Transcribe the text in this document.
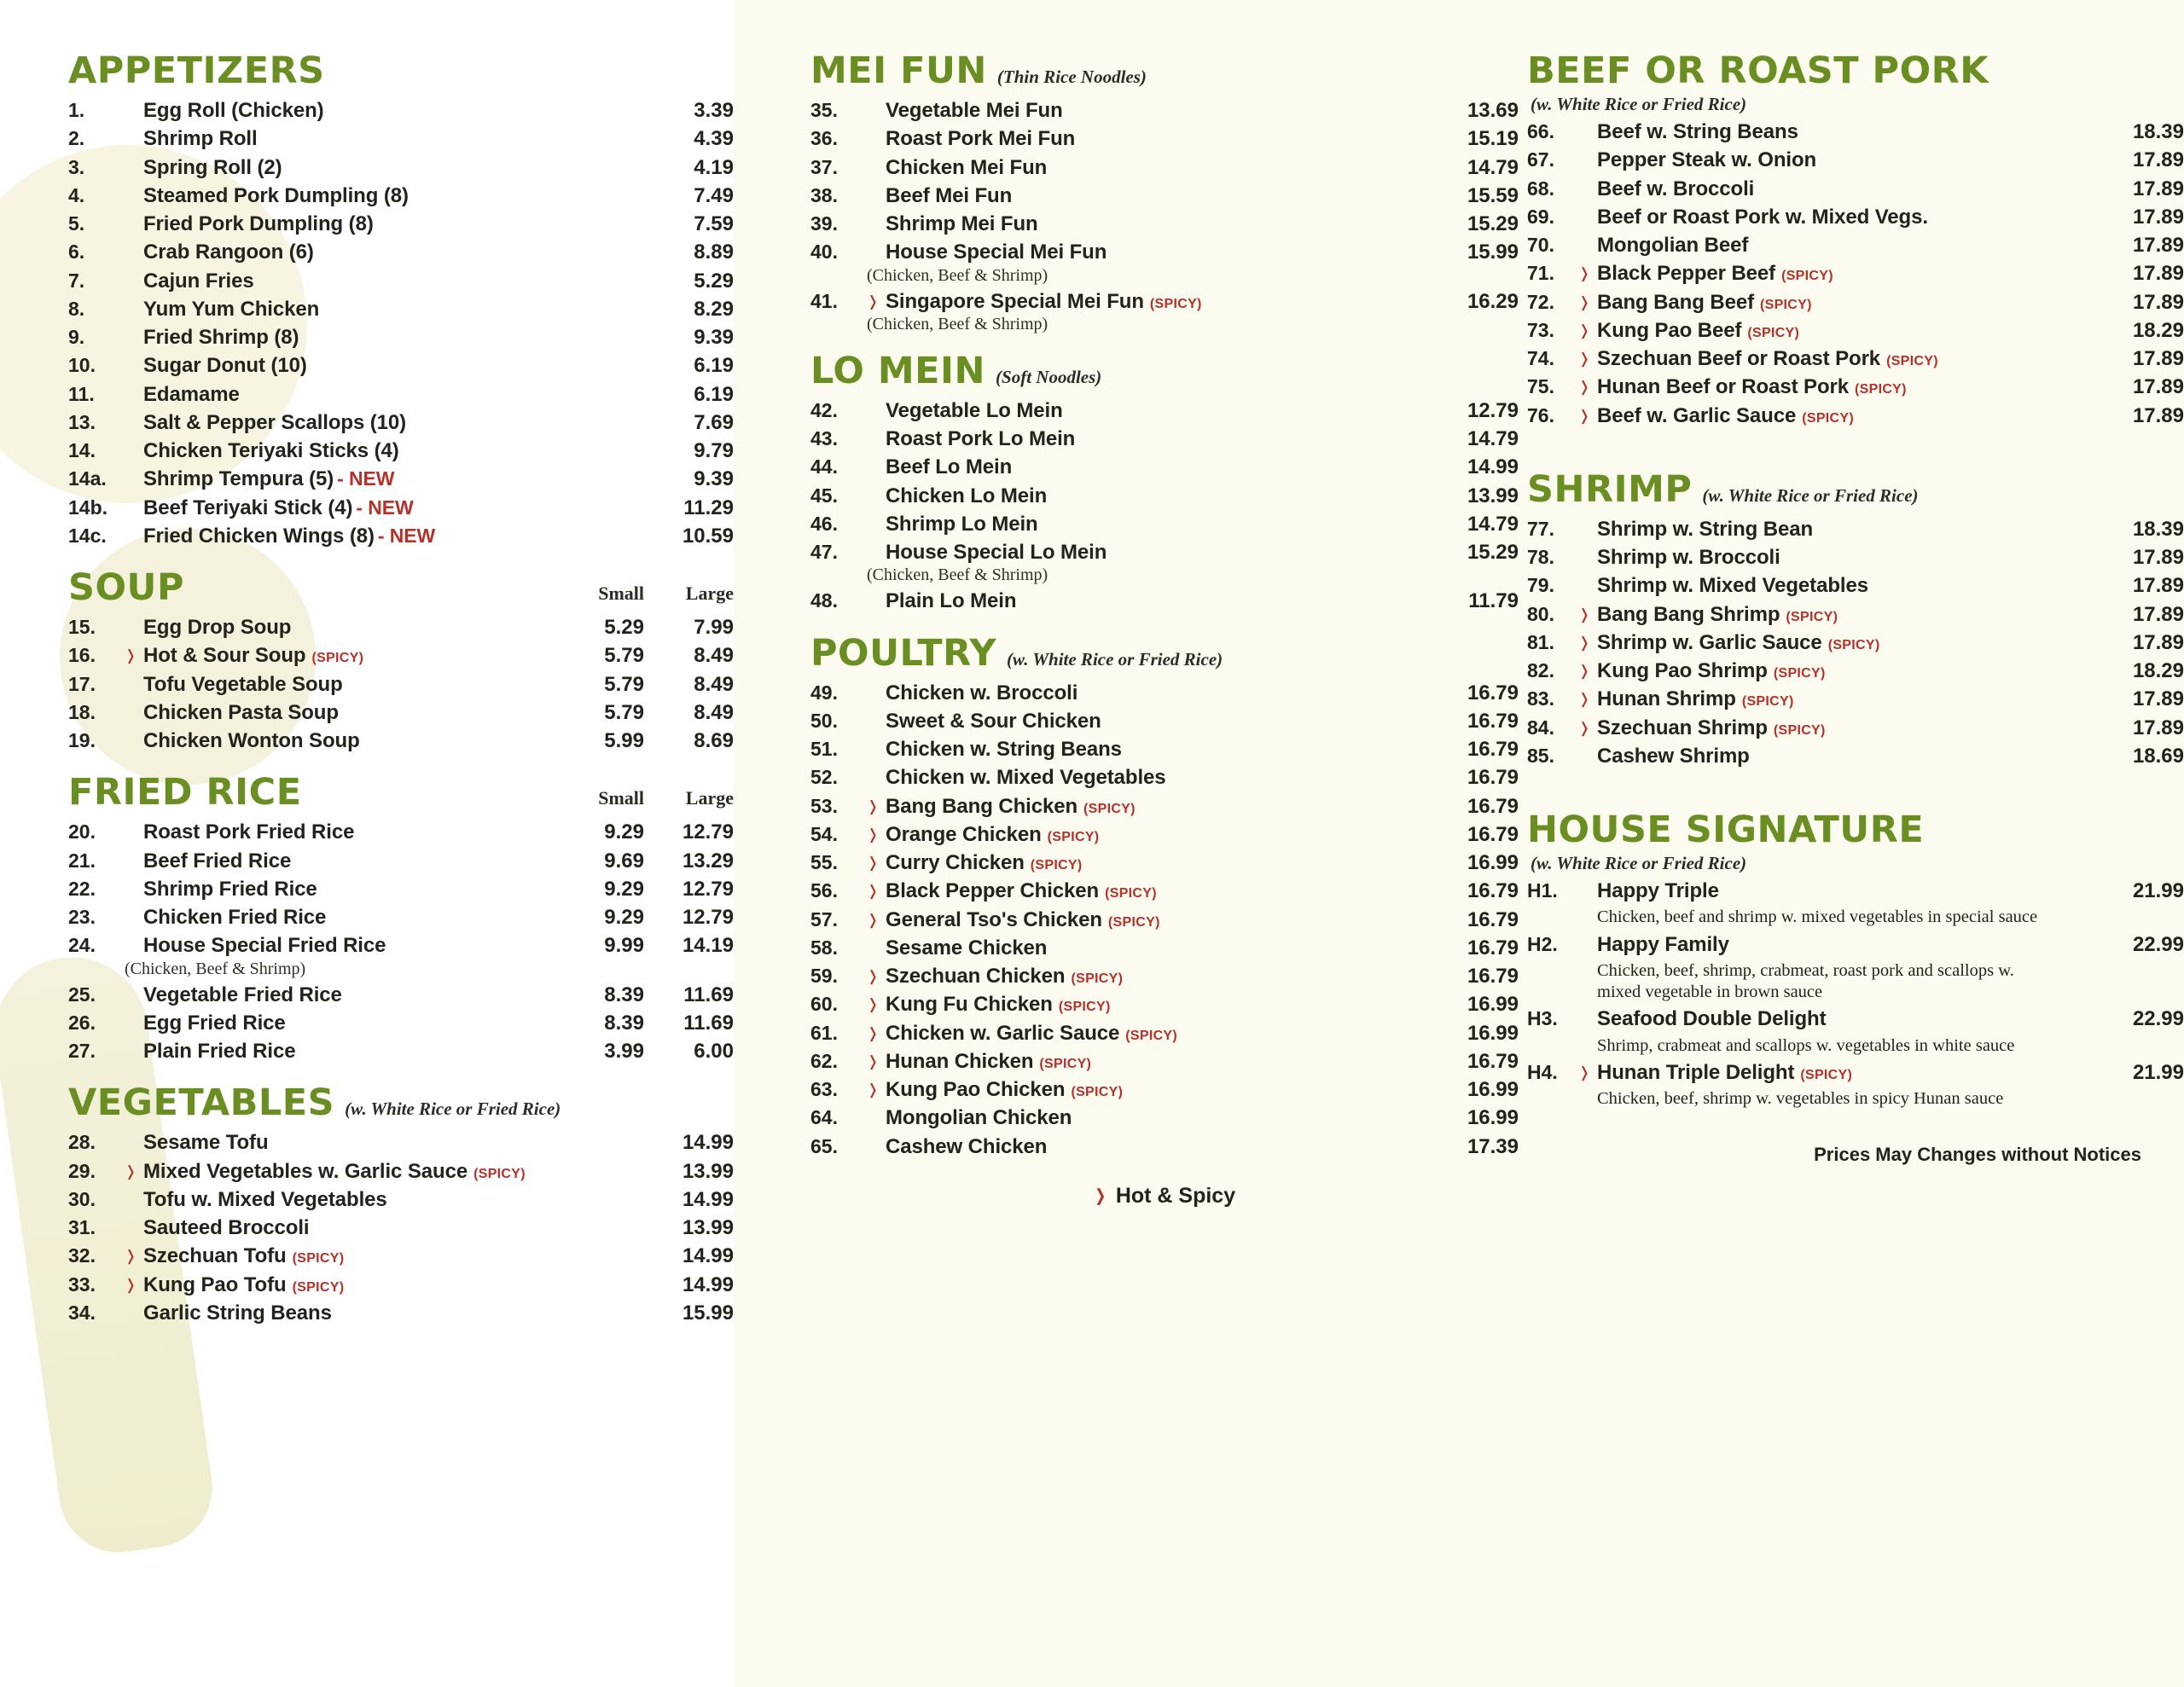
APPETIZERS
1.	Egg Roll (Chicken)	3.39
2.	Shrimp Roll	4.39
3.	Spring Roll (2)	4.19
4.	Steamed Pork Dumpling (8)	7.49
5.	Fried Pork Dumpling (8)	7.59
6.	Crab Rangoon (6)	8.89
7.	Cajun Fries	5.29
8.	Yum Yum Chicken	8.29
9.	Fried Shrimp (8)	9.39
10.	Sugar Donut (10)	6.19
11.	Edamame	6.19
13.	Salt & Pepper Scallops (10)	7.69
14.	Chicken Teriyaki Sticks (4)	9.79
14a.	Shrimp Tempura (5) - NEW	9.39
14b.	Beef Teriyaki Stick (4) - NEW	11.29
14c.	Fried Chicken Wings (8) - NEW	10.59
SOUP	Small	Large
15.	Egg Drop Soup	5.29	7.99
16.	❭ Hot & Sour Soup (SPICY)	5.79	8.49
17.	Tofu Vegetable Soup	5.79	8.49
18.	Chicken Pasta Soup	5.79	8.49
19.	Chicken Wonton Soup	5.99	8.69
FRIED RICE	Small	Large
20.	Roast Pork Fried Rice	9.29	12.79
21.	Beef Fried Rice	9.69	13.29
22.	Shrimp Fried Rice	9.29	12.79
23.	Chicken Fried Rice	9.29	12.79
24.	House Special Fried Rice	9.99	14.19
(Chicken, Beef & Shrimp)
25.	Vegetable Fried Rice	8.39	11.69
26.	Egg Fried Rice	8.39	11.69
27.	Plain Fried Rice	3.99	6.00
VEGETABLES (w. White Rice or Fried Rice)
28.	Sesame Tofu	14.99
29.	❭ Mixed Vegetables w. Garlic Sauce (SPICY)	13.99
30.	Tofu w. Mixed Vegetables	14.99
31.	Sauteed Broccoli	13.99
32.	❭ Szechuan Tofu (SPICY)	14.99
33.	❭ Kung Pao Tofu (SPICY)	14.99
34.	Garlic String Beans	15.99
MEI FUN (Thin Rice Noodles)
35.	Vegetable Mei Fun	13.69
36.	Roast Pork Mei Fun	15.19
37.	Chicken Mei Fun	14.79
38.	Beef Mei Fun	15.59
39.	Shrimp Mei Fun	15.29
40.	House Special Mei Fun	15.99
(Chicken, Beef & Shrimp)
41.	❭ Singapore Special Mei Fun (SPICY)	16.29
(Chicken, Beef & Shrimp)
LO MEIN (Soft Noodles)
42.	Vegetable Lo Mein	12.79
43.	Roast Pork Lo Mein	14.79
44.	Beef Lo Mein	14.99
45.	Chicken Lo Mein	13.99
46.	Shrimp Lo Mein	14.79
47.	House Special Lo Mein	15.29
(Chicken, Beef & Shrimp)
48.	Plain Lo Mein	11.79
POULTRY (w. White Rice or Fried Rice)
49.	Chicken w. Broccoli	16.79
50.	Sweet & Sour Chicken	16.79
51.	Chicken w. String Beans	16.79
52.	Chicken w. Mixed Vegetables	16.79
53.	❭ Bang Bang Chicken (SPICY)	16.79
54.	❭ Orange Chicken (SPICY)	16.79
55.	❭ Curry Chicken (SPICY)	16.99
56.	❭ Black Pepper Chicken (SPICY)	16.79
57.	❭ General Tso's Chicken (SPICY)	16.79
58.	Sesame Chicken	16.79
59.	❭ Szechuan Chicken (SPICY)	16.79
60.	❭ Kung Fu Chicken (SPICY)	16.99
61.	❭ Chicken w. Garlic Sauce (SPICY)	16.99
62.	❭ Hunan Chicken (SPICY)	16.79
63.	❭ Kung Pao Chicken (SPICY)	16.99
64.	Mongolian Chicken	16.99
65.	Cashew Chicken	17.39
❭ Hot & Spicy
BEEF OR ROAST PORK
(w. White Rice or Fried Rice)
66.	Beef w. String Beans	18.39
67.	Pepper Steak w. Onion	17.89
68.	Beef w. Broccoli	17.89
69.	Beef or Roast Pork w. Mixed Vegs.	17.89
70.	Mongolian Beef	17.89
71.	❭ Black Pepper Beef (SPICY)	17.89
72.	❭ Bang Bang Beef (SPICY)	17.89
73.	❭ Kung Pao Beef (SPICY)	18.29
74.	❭ Szechuan Beef or Roast Pork (SPICY)	17.89
75.	❭ Hunan Beef or Roast Pork (SPICY)	17.89
76.	❭ Beef w. Garlic Sauce (SPICY)	17.89
SHRIMP (w. White Rice or Fried Rice)
77.	Shrimp w. String Bean	18.39
78.	Shrimp w. Broccoli	17.89
79.	Shrimp w. Mixed Vegetables	17.89
80.	❭ Bang Bang Shrimp (SPICY)	17.89
81.	❭ Shrimp w. Garlic Sauce (SPICY)	17.89
82.	❭ Kung Pao Shrimp (SPICY)	18.29
83.	❭ Hunan Shrimp (SPICY)	17.89
84.	❭ Szechuan Shrimp (SPICY)	17.89
85.	Cashew Shrimp	18.69
HOUSE SIGNATURE
(w. White Rice or Fried Rice)
H1.	Happy Triple	21.99
Chicken, beef and shrimp w. mixed vegetables in special sauce
H2.	Happy Family	22.99
Chicken, beef, shrimp, crabmeat, roast pork and scallops w. mixed vegetable in brown sauce
H3.	Seafood Double Delight	22.99
Shrimp, crabmeat and scallops w. vegetables in white sauce
H4.	❭ Hunan Triple Delight (SPICY)	21.99
Chicken, beef, shrimp w. vegetables in spicy Hunan sauce
Prices May Changes without Notices
